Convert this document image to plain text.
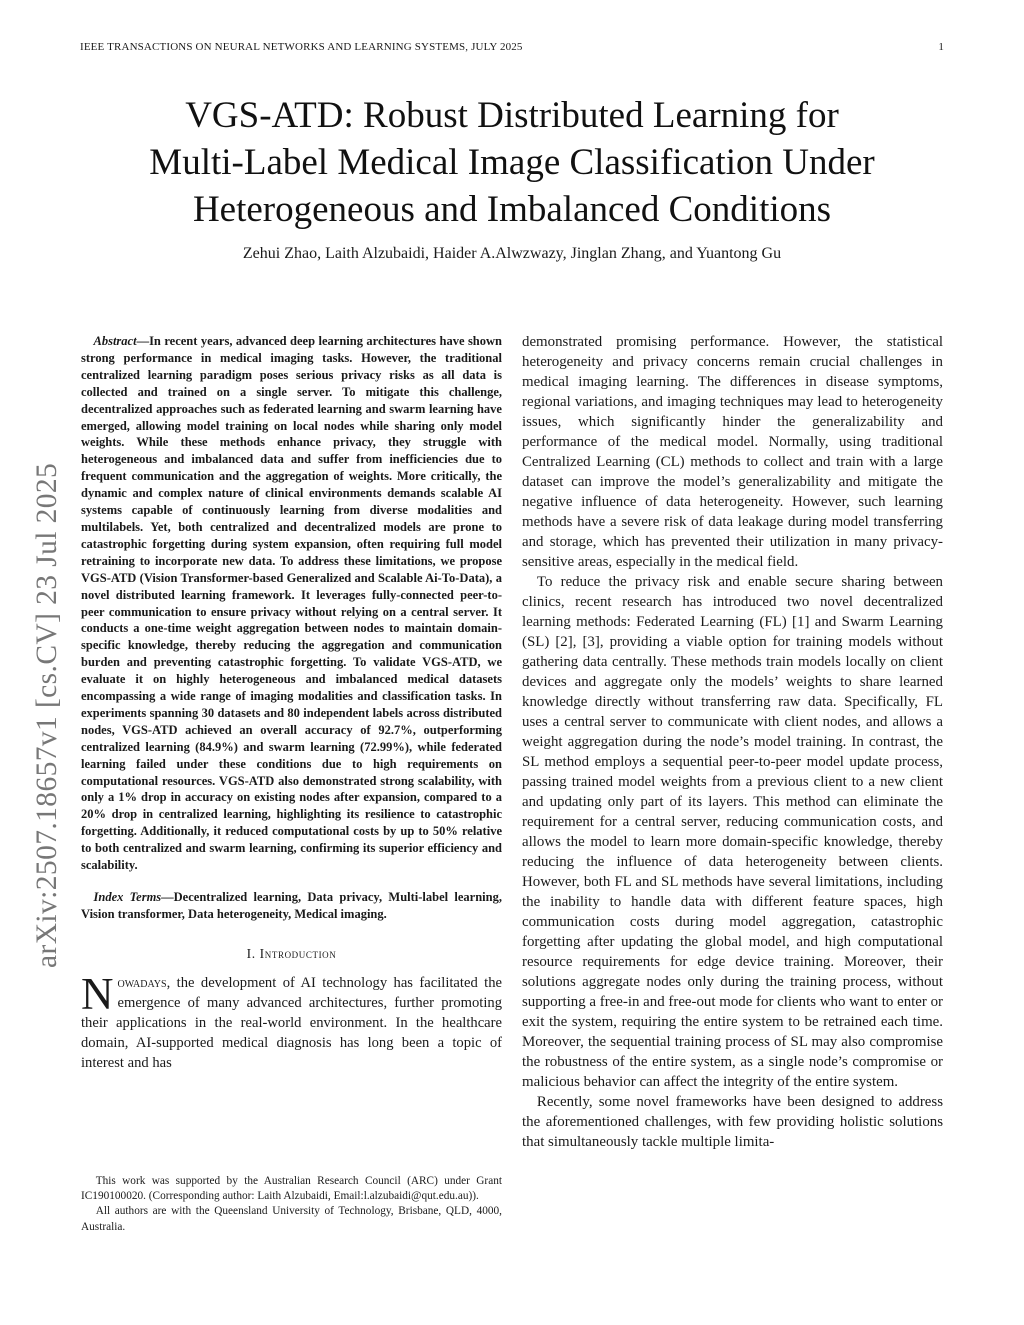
IEEE TRANSACTIONS ON NEURAL NETWORKS AND LEARNING SYSTEMS, JULY 2025	1
arXiv:2507.18657v1 [cs.CV] 23 Jul 2025
VGS-ATD: Robust Distributed Learning for
Multi-Label Medical Image Classification Under
Heterogeneous and Imbalanced Conditions
Zehui Zhao, Laith Alzubaidi, Haider A.Alwzwazy, Jinglan Zhang, and Yuantong Gu

Abstract—In recent years, advanced deep learning architectures have shown strong performance in medical imaging tasks. However, the traditional centralized learning paradigm poses serious privacy risks as all data is collected and trained on a single server. To mitigate this challenge, decentralized approaches such as federated learning and swarm learning have emerged, allowing model training on local nodes while sharing only model weights. While these methods enhance privacy, they struggle with heterogeneous and imbalanced data and suffer from inefficiencies due to frequent communication and the aggregation of weights. More critically, the dynamic and complex nature of clinical environments demands scalable AI systems capable of continuously learning from diverse modalities and multilabels. Yet, both centralized and decentralized models are prone to catastrophic forgetting during system expansion, often requiring full model retraining to incorporate new data. To address these limitations, we propose VGS-ATD (Vision Transformer-based Generalized and Scalable Ai-To-Data), a novel distributed learning framework. It leverages fully-connected peer-to-peer communication to ensure privacy without relying on a central server. It conducts a one-time weight aggregation between nodes to maintain domain-specific knowledge, thereby reducing the aggregation and communication burden and preventing catastrophic forgetting. To validate VGS-ATD, we evaluate it on highly heterogeneous and imbalanced medical datasets encompassing a wide range of imaging modalities and classification tasks. In experiments spanning 30 datasets and 80 independent labels across distributed nodes, VGS-ATD achieved an overall accuracy of 92.7%, outperforming centralized learning (84.9%) and swarm learning (72.99%), while federated learning failed under these conditions due to high requirements on computational resources. VGS-ATD also demonstrated strong scalability, with only a 1% drop in accuracy on existing nodes after expansion, compared to a 20% drop in centralized learning, highlighting its resilience to catastrophic forgetting. Additionally, it reduced computational costs by up to 50% relative to both centralized and swarm learning, confirming its superior efficiency and scalability.

Index Terms—Decentralized learning, Data privacy, Multi-label learning, Vision transformer, Data heterogeneity, Medical imaging.

I. Introduction

Nowadays, the development of AI technology has facilitated the emergence of many advanced architectures, further promoting their applications in the real-world environment. In the healthcare domain, AI-supported medical diagnosis has long been a topic of interest and has

This work was supported by the Australian Research Council (ARC) under Grant IC190100020. (Corresponding author: Laith Alzubaidi, Email:l.alzubaidi@qut.edu.au)).

All authors are with the Queensland University of Technology, Brisbane, QLD, 4000, Australia.

demonstrated promising performance. However, the statistical heterogeneity and privacy concerns remain crucial challenges in medical imaging learning. The differences in disease symptoms, regional variations, and imaging techniques may lead to heterogeneity issues, which significantly hinder the generalizability and performance of the medical model. Normally, using traditional Centralized Learning (CL) methods to collect and train with a large dataset can improve the model’s generalizability and mitigate the negative influence of data heterogeneity. However, such learning methods have a severe risk of data leakage during model transferring and storage, which has prevented their utilization in many privacy-sensitive areas, especially in the medical field.

To reduce the privacy risk and enable secure sharing between clinics, recent research has introduced two novel decentralized learning methods: Federated Learning (FL) [1] and Swarm Learning (SL) [2], [3], providing a viable option for training models without gathering data centrally. These methods train models locally on client devices and aggregate only the models’ weights to share learned knowledge directly without transferring raw data. Specifically, FL uses a central server to communicate with client nodes, and allows a weight aggregation during the node’s model training. In contrast, the SL method employs a sequential peer-to-peer model update process, passing trained model weights from a previous client to a new client and updating only part of its layers. This method can eliminate the requirement for a central server, reducing communication costs, and allows the model to learn more domain-specific knowledge, thereby reducing the influence of data heterogeneity between clients. However, both FL and SL methods have several limitations, including the inability to handle data with different feature spaces, high communication costs during model aggregation, catastrophic forgetting after updating the global model, and high computational resource requirements for edge device training. Moreover, their solutions aggregate nodes only during the training process, without supporting a free-in and free-out mode for clients who want to enter or exit the system, requiring the entire system to be retrained each time. Moreover, the sequential training process of SL may also compromise the robustness of the entire system, as a single node’s compromise or malicious behavior can affect the integrity of the entire system.

Recently, some novel frameworks have been designed to address the aforementioned challenges, with few providing holistic solutions that simultaneously tackle multiple limita-
